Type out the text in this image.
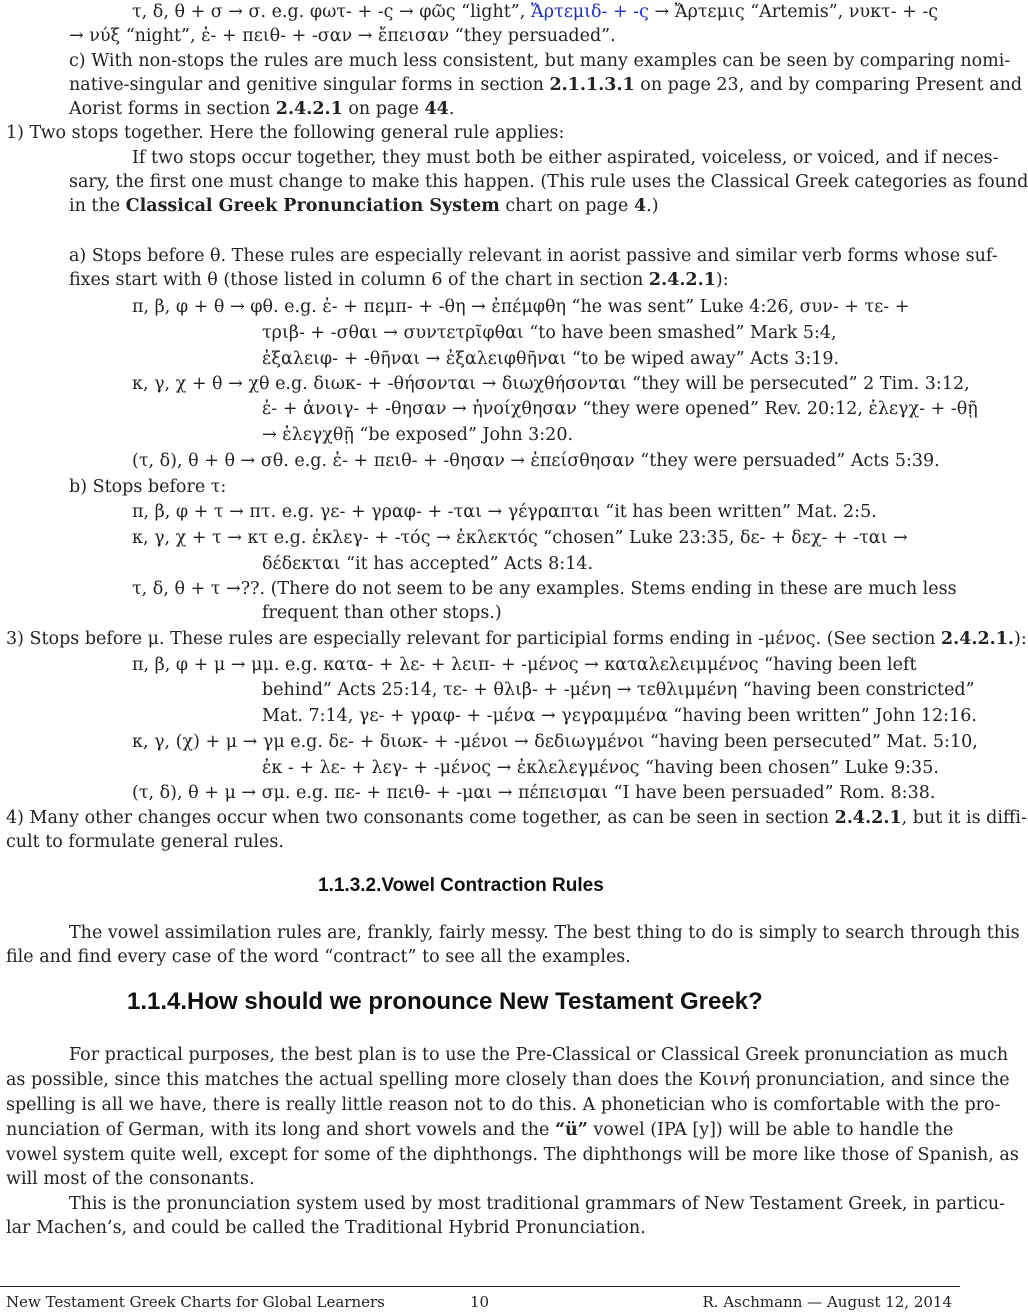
τ, δ, θ + σ → σ. e.g. φωτ- + -ς → φῶς “light”, Ἄρτεμιδ- + -ς → Ἄρτεμις “Artemis”, νυκτ- + -ς
→ νύξ “night”, ἐ- + πειθ- + -σαν → ἔπεισαν “they persuaded”.
c) With non-stops the rules are much less consistent, but many examples can be seen by comparing nomi-
native-singular and genitive singular forms in section 2.1.1.3.1 on page 23, and by comparing Present and
Aorist forms in section 2.4.2.1 on page 44.
1) Two stops together. Here the following general rule applies:
If two stops occur together, they must both be either aspirated, voiceless, or voiced, and if neces-
sary, the first one must change to make this happen. (This rule uses the Classical Greek categories as found
in the Classical Greek Pronunciation System chart on page 4.)
a) Stops before θ. These rules are especially relevant in aorist passive and similar verb forms whose suf-
fixes start with θ (those listed in column 6 of the chart in section 2.4.2.1):
π, β, φ + θ → φθ. e.g. ἐ- + πεμπ- + -θη → ἐπέμφθη “he was sent” Luke 4:26, συν- + τε- +
τριβ- + -σθαι → συντετρῖφθαι “to have been smashed” Mark 5:4,
ἐξαλειφ- + -θῆναι → ἐξαλειφθῆναι “to be wiped away” Acts 3:19.
κ, γ, χ + θ → χθ e.g. διωκ- + -θήσονται → διωχθήσονται “they will be persecuted” 2 Tim. 3:12,
ἐ- + ἀνοιγ- + -θησαν → ἠνοίχθησαν “they were opened” Rev. 20:12, ἐλεγχ- + -θῇ
→ ἐλεγχθῇ “be exposed” John 3:20.
(τ, δ), θ + θ → σθ. e.g. ἐ- + πειθ- + -θησαν → ἐπείσθησαν “they were persuaded” Acts 5:39.
b) Stops before τ:
π, β, φ + τ → πτ. e.g. γε- + γραφ- + -ται → γέγραπται “it has been written” Mat. 2:5.
κ, γ, χ + τ → κτ e.g. ἐκλεγ- + -τός → ἐκλεκτός “chosen” Luke 23:35, δε- + δεχ- + -ται →
δέδεκται “it has accepted” Acts 8:14.
τ, δ, θ + τ →??. (There do not seem to be any examples. Stems ending in these are much less
frequent than other stops.)
3) Stops before μ. These rules are especially relevant for participial forms ending in -μένος. (See section 2.4.2.1.):
π, β, φ + μ → μμ. e.g. κατα- + λε- + λειπ- + -μένος → καταλελειμμένος “having been left
behind” Acts 25:14, τε- + θλιβ- + -μένη → τεθλιμμένη “having been constricted”
Mat. 7:14, γε- + γραφ- + -μένα → γεγραμμένα “having been written” John 12:16.
κ, γ, (χ) + μ → γμ e.g. δε- + διωκ- + -μένοι → δεδιωγμένοι “having been persecuted” Mat. 5:10,
ἐκ - + λε- + λεγ- + -μένος → ἐκλελεγμένος “having been chosen” Luke 9:35.
(τ, δ), θ + μ → σμ. e.g. πε- + πειθ- + -μαι → πέπεισμαι “I have been persuaded” Rom. 8:38.
4) Many other changes occur when two consonants come together, as can be seen in section 2.4.2.1, but it is diffi-
cult to formulate general rules.
The vowel assimilation rules are, frankly, fairly messy. The best thing to do is simply to search through this
file and find every case of the word “contract” to see all the examples.
For practical purposes, the best plan is to use the Pre-Classical or Classical Greek pronunciation as much
as possible, since this matches the actual spelling more closely than does the Κοινή pronunciation, and since the
spelling is all we have, there is really little reason not to do this. A phonetician who is comfortable with the pro-
nunciation of German, with its long and short vowels and the “ü” vowel (IPA [y]) will be able to handle the
vowel system quite well, except for some of the diphthongs. The diphthongs will be more like those of Spanish, as
will most of the consonants.
This is the pronunciation system used by most traditional grammars of New Testament Greek, in particu-
lar Machen’s, and could be called the Traditional Hybrid Pronunciation.
1.1.3.2.Vowel Contraction Rules
1.1.4.How should we pronounce New Testament Greek?
New Testament Greek Charts for Global Learners	10	R. Aschmann — August 12, 2014
